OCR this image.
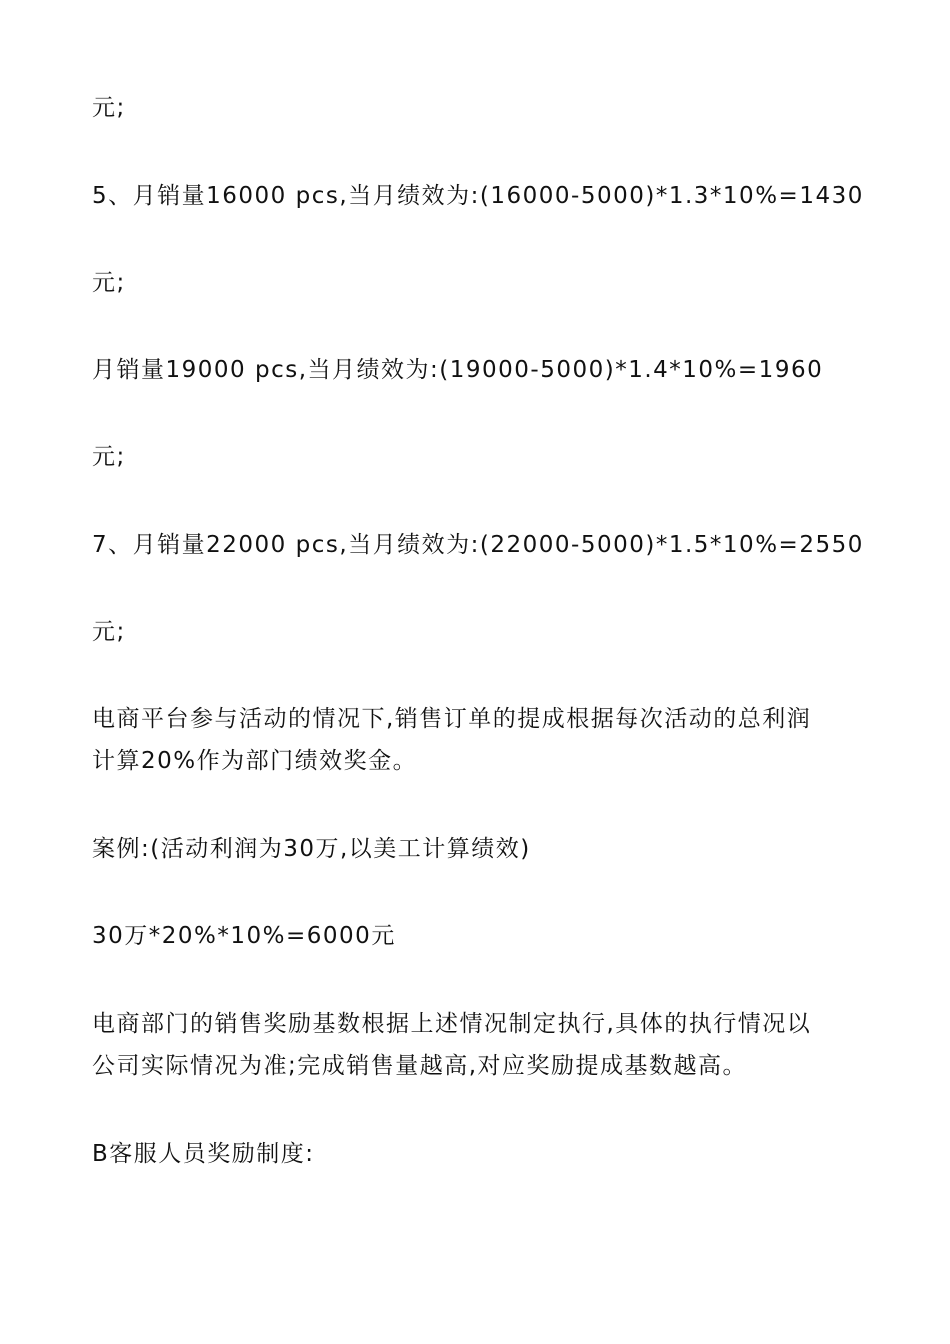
元;
5、月销量16000 pcs,当月绩效为:(16000-5000)*1.3*10%=1430
元;
月销量19000 pcs,当月绩效为:(19000-5000)*1.4*10%=1960
元;
7、月销量22000 pcs,当月绩效为:(22000-5000)*1.5*10%=2550
元;
电商平台参与活动的情况下,销售订单的提成根据每次活动的总利润
计算20%作为部门绩效奖金。
案例:(活动利润为30万,以美工计算绩效)
30万*20%*10%=6000元
电商部门的销售奖励基数根据上述情况制定执行,具体的执行情况以
公司实际情况为准;完成销售量越高,对应奖励提成基数越高。
B客服人员奖励制度:
